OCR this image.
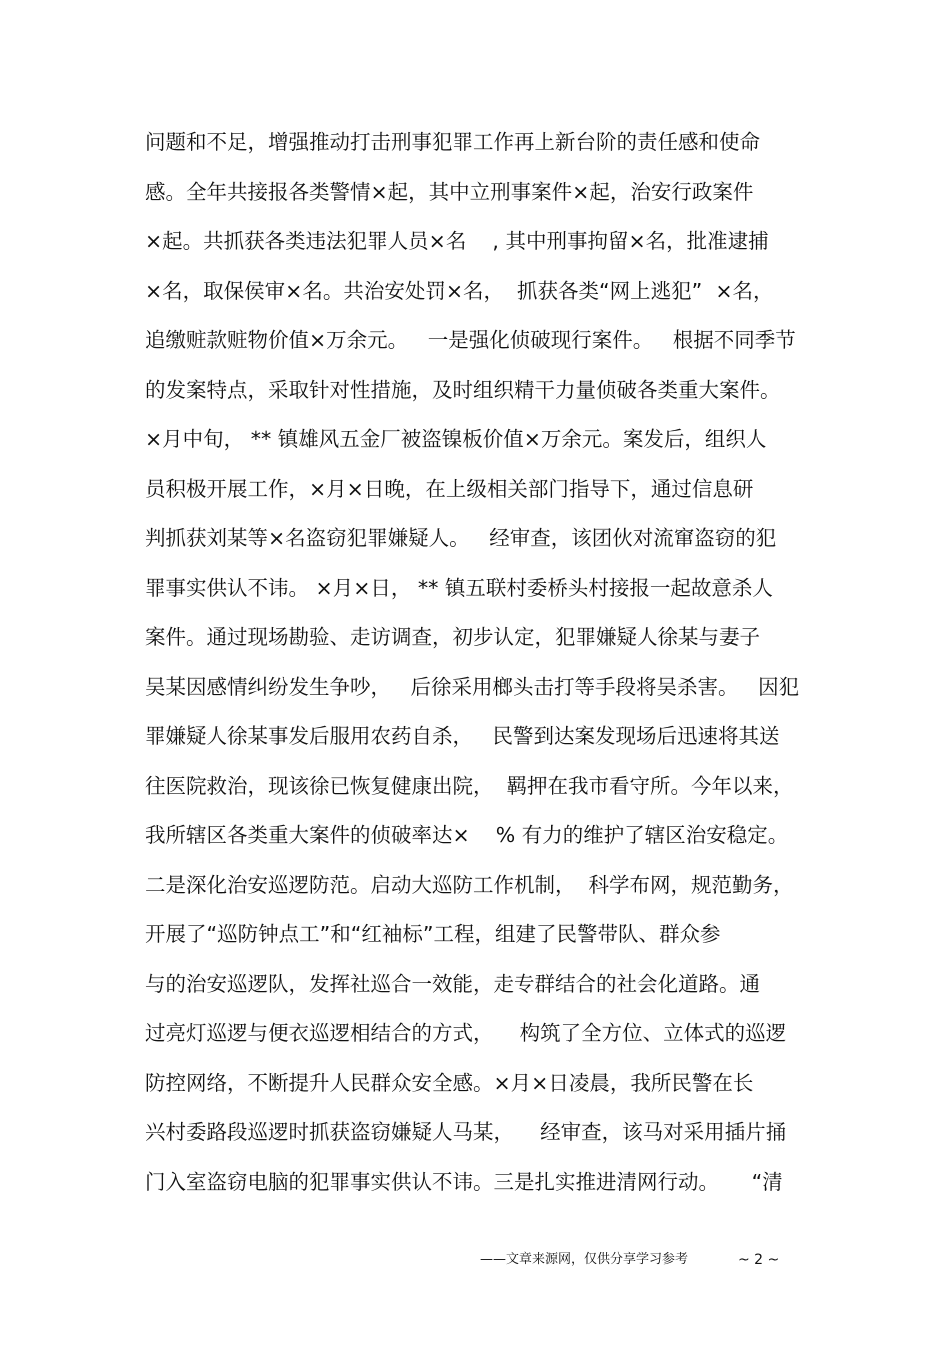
问题和不足，增强推动打击刑事犯罪工作再上新台阶的责任感和使命
感。全年共接报各类警情×起，其中立刑事案件×起，治安行政案件
×起。共抓获各类违法犯罪人员×名    , 其中刑事拘留×名，批准逮捕
×名，取保侯审×名。共治安处罚×名，  抓获各类“网上逃犯”  ×名，
追缴赃款赃物价值×万余元。   一是强化侦破现行案件。   根据不同季节
的发案特点，采取针对性措施，及时组织精干力量侦破各类重大案件。
×月中旬， ** 镇雄风五金厂被盗镍板价值×万余元。案发后，组织人
员积极开展工作，×月×日晚，在上级相关部门指导下，通过信息研
判抓获刘某等×名盗窃犯罪嫌疑人。   经审查，该团伙对流窜盗窃的犯
罪事实供认不讳。 ×月×日， ** 镇五联村委桥头村接报一起故意杀人
案件。通过现场勘验、走访调查，初步认定，犯罪嫌疑人徐某与妻子
吴某因感情纠纷发生争吵，   后徐采用榔头击打等手段将吴杀害。   因犯
罪嫌疑人徐某事发后服用农药自杀，   民警到达案发现场后迅速将其送
往医院救治，现该徐已恢复健康出院，  羁押在我市看守所。今年以来，
我所辖区各类重大案件的侦破率达×    % 有力的维护了辖区治安稳定。
二是深化治安巡逻防范。启动大巡防工作机制，  科学布网，规范勤务，
开展了“巡防钟点工”和“红袖标”工程，组建了民警带队、群众参
与的治安巡逻队，发挥社巡合一效能，走专群结合的社会化道路。通
过亮灯巡逻与便衣巡逻相结合的方式，    构筑了全方位、立体式的巡逻
防控网络，不断提升人民群众安全感。×月×日凌晨，我所民警在长
兴村委路段巡逻时抓获盗窃嫌疑人马某，    经审查，该马对采用插片捅
门入室盗窃电脑的犯罪事实供认不讳。三是扎实推进清网行动。     “清
——文章来源网，仅供分享学习参考	~ 2 ~
